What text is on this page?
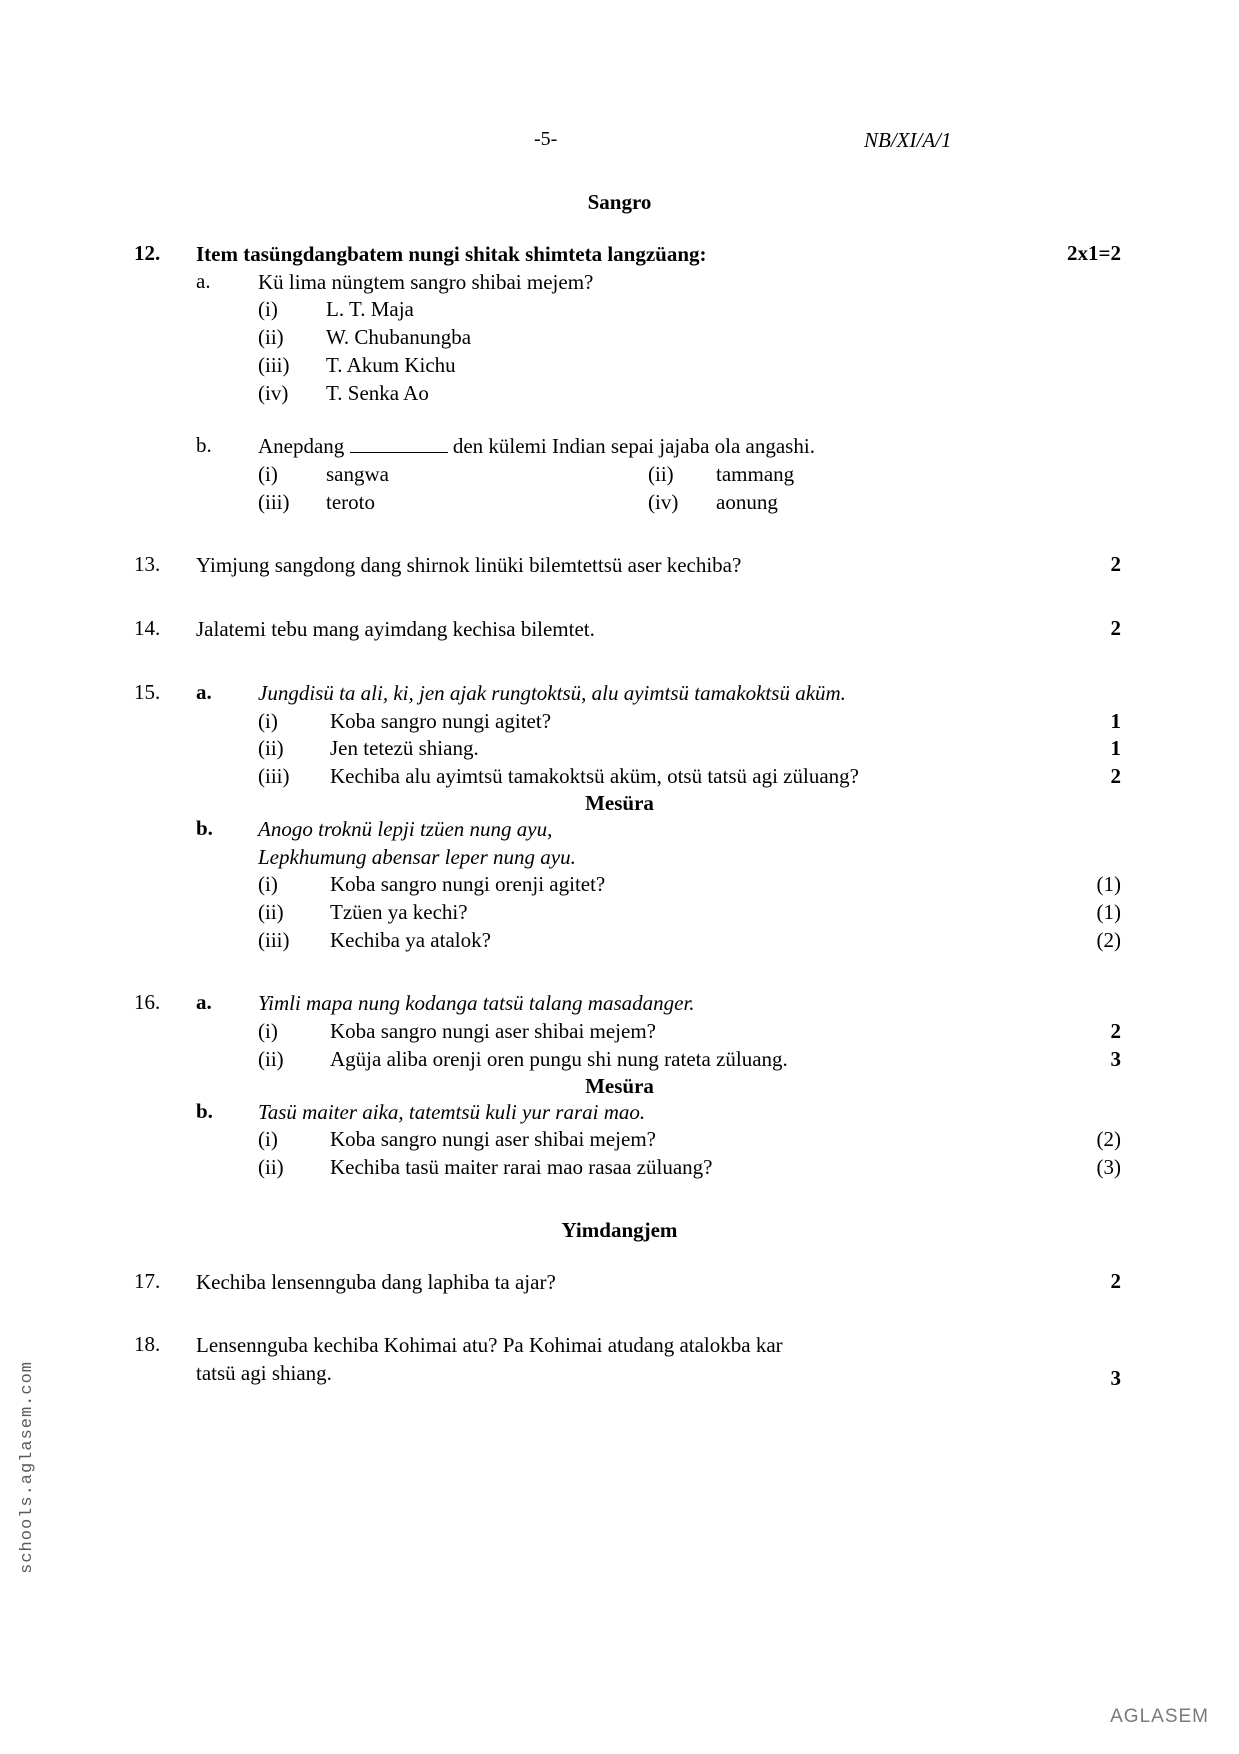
-5-	NB/XI/A/1
Sangro
12.	Item tasüngdangbatem nungi shitak shimteta langzüang:	2x1=2
a.	Kü lima nüngtem sangro shibai mejem?
(i)	L. T. Maja
(ii)	W. Chubanungba
(iii)	T. Akum Kichu
(iv)	T. Senka Ao
b.	Anepdang	den külemi Indian sepai jajaba ola angashi.
(i)	sangwa	(ii)	tammang
(iii)	teroto	(iv)	aonung
13.	Yimjung sangdong dang shirnok linüki bilemtettsü aser kechiba?	2
14.	Jalatemi tebu mang ayimdang kechisa bilemtet.	2
15.	a.	Jungdisü ta ali, ki, jen ajak rungtoktsü, alu ayimtsü tamakoktsü aküm.
(i)	Koba sangro nungi agitet?	1
(ii)	Jen tetezü shiang.	1
(iii)	Kechiba alu ayimtsü tamakoktsü aküm, otsü tatsü agi züluang?	2
Mesüra
b.	Anogo troknü lepji tzüen nung ayu,
Lepkhumung abensar leper nung ayu.
(i)	Koba sangro nungi orenji agitet?	(1)
(ii)	Tzüen ya kechi?	(1)
(iii)	Kechiba ya atalok?	(2)
16.	a.	Yimli mapa nung kodanga tatsü talang masadanger.
(i)	Koba sangro nungi aser shibai mejem?	2
(ii)	Agüja aliba orenji oren pungu shi nung rateta züluang.	3
Mesüra
b.	Tasü maiter aika, tatemtsü kuli yur rarai mao.
(i)	Koba sangro nungi aser shibai mejem?	(2)
(ii)	Kechiba tasü maiter rarai mao rasaa züluang?	(3)
Yimdangjem
17.	Kechiba lensennguba dang laphiba ta ajar?	2
18.	Lensennguba kechiba Kohimai atu? Pa Kohimai atudang atalokba kar
tatsü agi shiang.	3
schools.aglasem.com
AGLASEM
